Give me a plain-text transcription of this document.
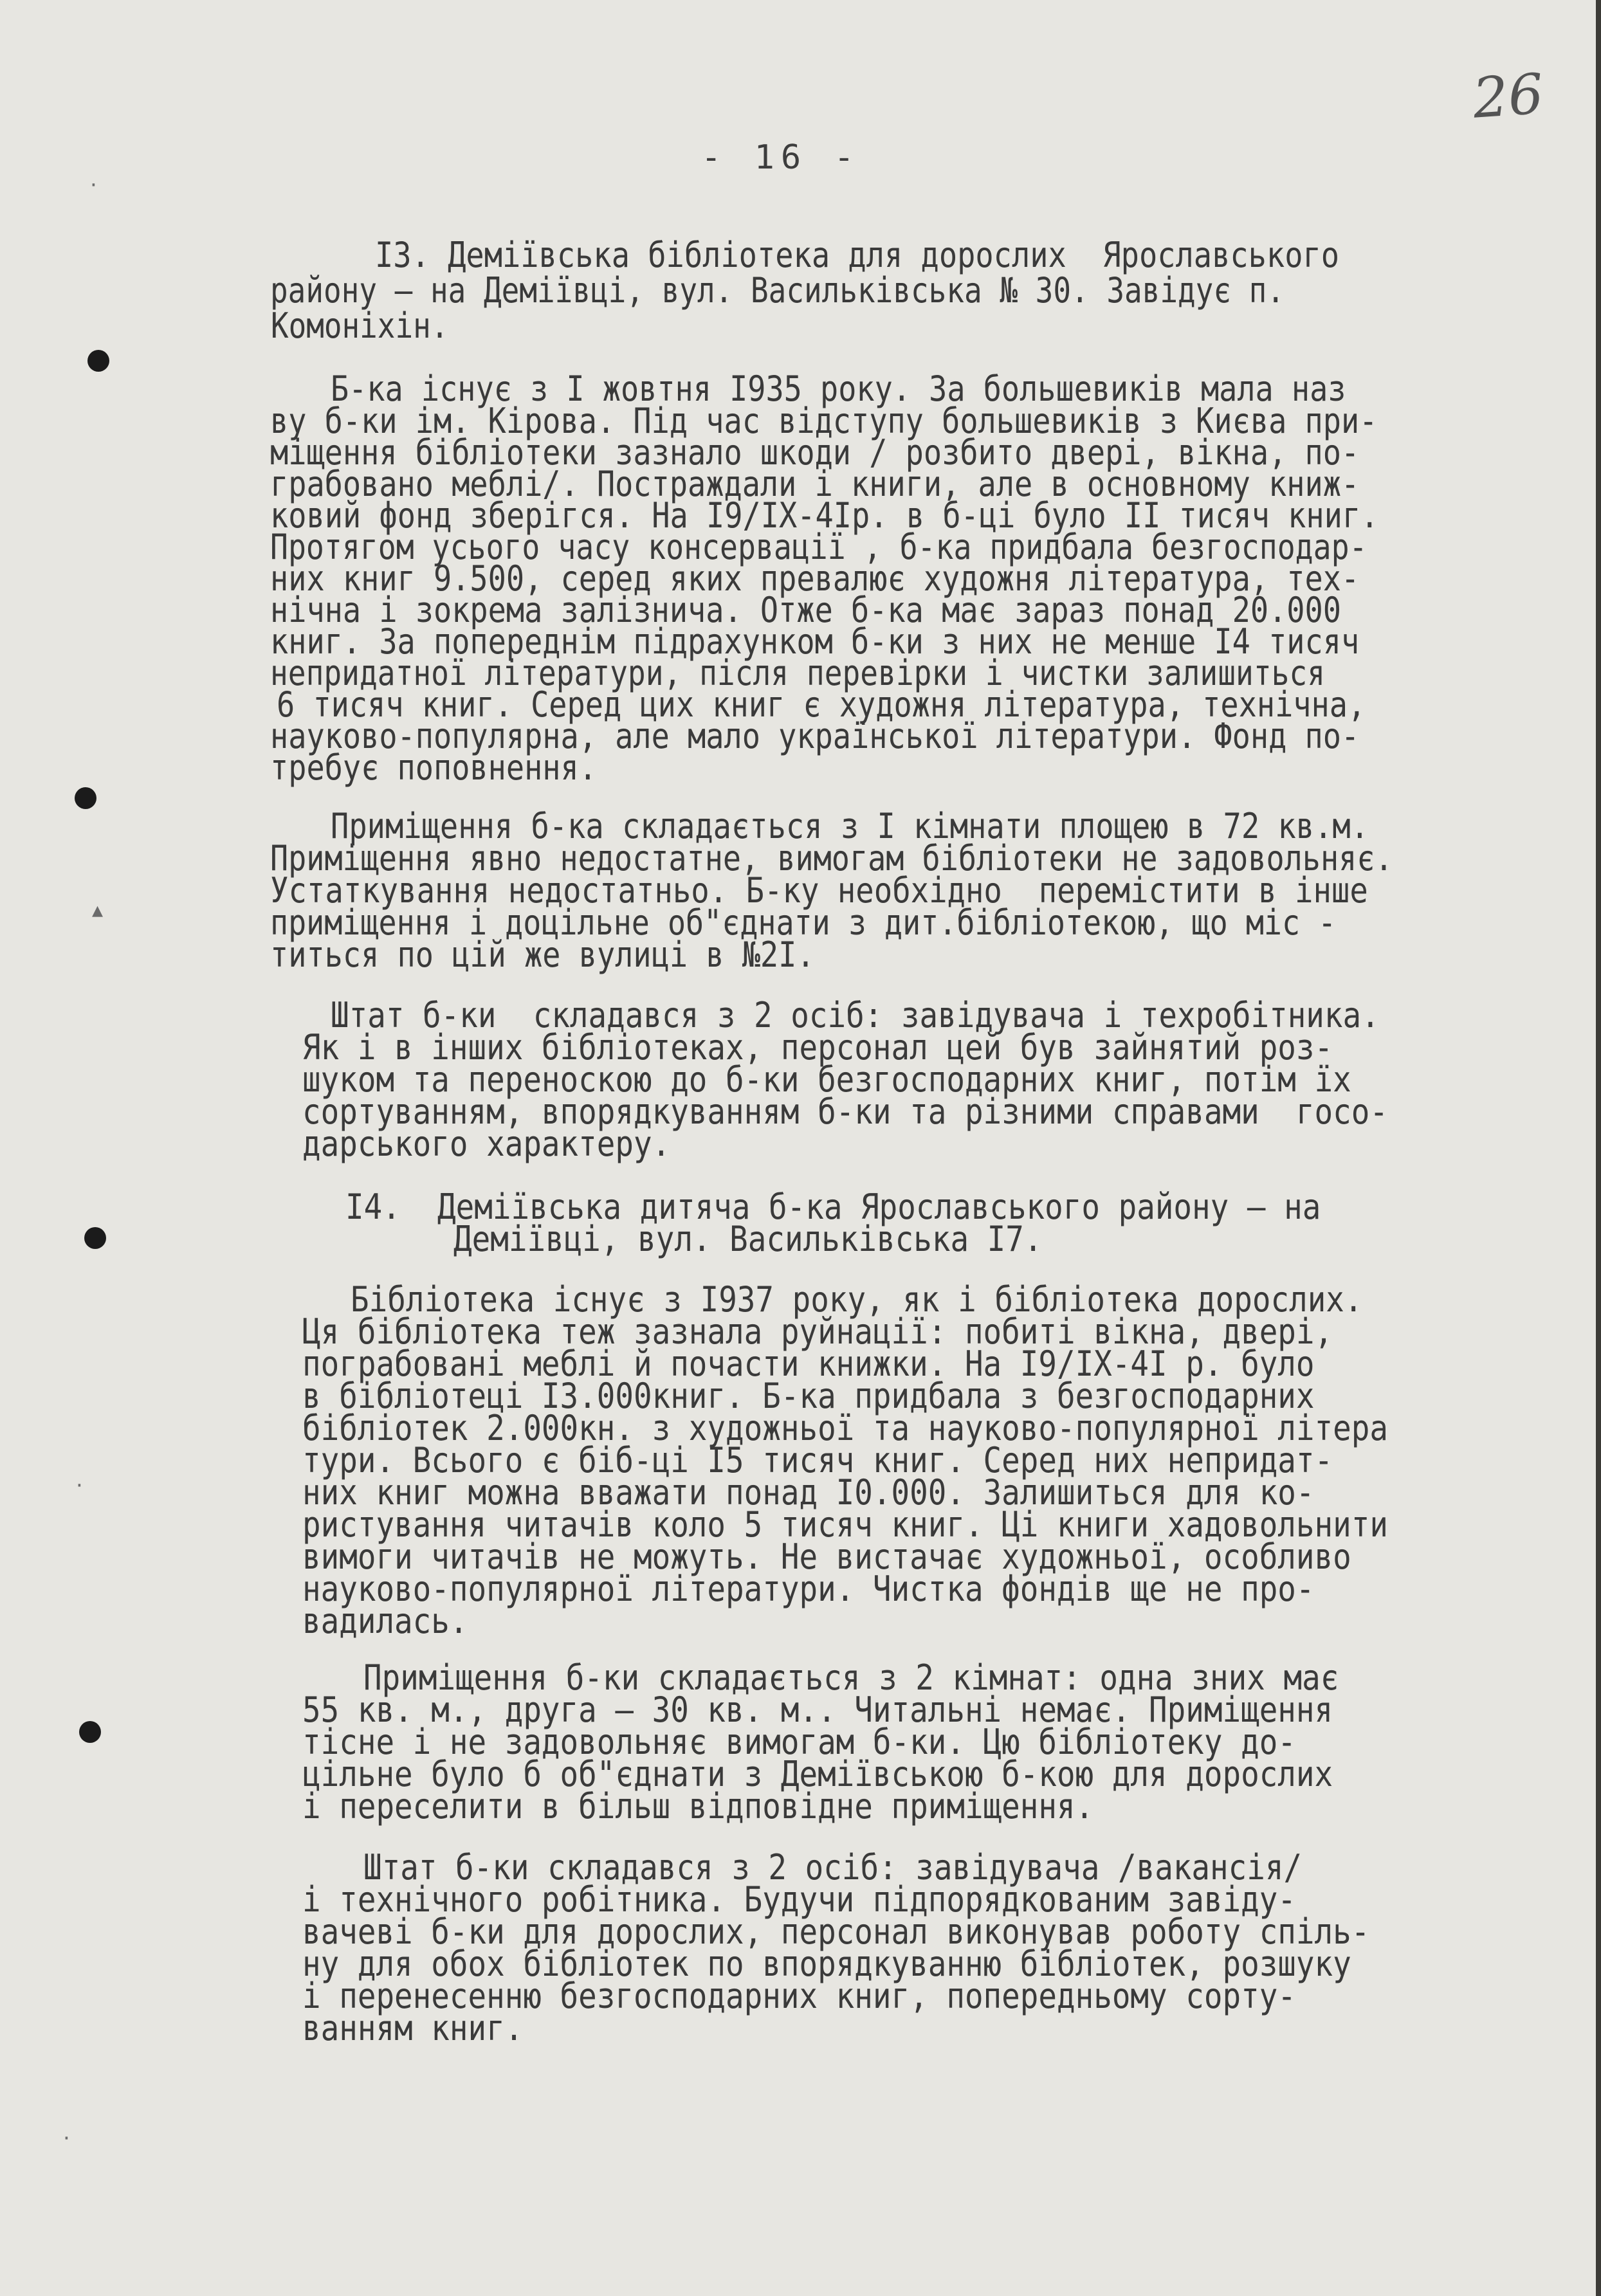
·
▴
·
·
26
- 16 -
I3. Деміївська бібліотека для дорослих  Ярославського
району – на Деміївці, вул. Васильківська № 30. Завідує п.
Комоніхін.
Б-ка існує з I жовтня I935 року. За большевиків мала наз
ву б-ки ім. Кірова. Під час відступу большевиків з Києва при-
міщення бібліотеки зазнало шкоди / розбито двері, вікна, по-
грабовано меблі/. Постраждали і книги, але в основному книж-
ковий фонд зберігся. На I9/IX-4Iр. в б-ці було II тисяч книг.
Протягом усього часу консервації , б-ка придбала безгосподар-
них книг 9.500, серед яких превалює художня література, тех-
нічна і зокрема залізнича. Отже б-ка має зараз понад 20.000
книг. За попереднім підрахунком б-ки з них не менше I4 тисяч
непридатної літератури, після перевірки і чистки залишиться
6 тисяч книг. Серед цих книг є художня література, технічна,
науково-популярна, але мало української літератури. Фонд по-
требує поповнення.
Приміщення б-ка складається з I кімнати площею в 72 кв.м.
Приміщення явно недостатне, вимогам бібліотеки не задовольняє.
Устаткування недостатньо. Б-ку необхідно  перемістити в інше
приміщення і доцільне об"єднати з дит.бібліотекою, що міс -
титься по цій же вулиці в №2I.
Штат б-ки  складався з 2 осіб: завідувача і техробітника.
Як і в інших бібліотеках, персонал цей був зайнятий роз-
шуком та переноскою до б-ки безгосподарних книг, потім їх
сортуванням, впорядкуванням б-ки та різними справами  госо-
дарського характеру.
I4.  Деміївська дитяча б-ка Ярославського району – на
Деміївці, вул. Васильківська I7.
Бібліотека існує з I937 року, як і бібліотека дорослих.
Ця бібліотека теж зазнала руйнації: побиті вікна, двері,
пограбовані меблі й почасти книжки. На I9/IX-4I р. було
в бібліотеці I3.000книг. Б-ка придбала з безгосподарних
бібліотек 2.000кн. з художньої та науково-популярної літера
тури. Всього є біб-ці I5 тисяч книг. Серед них непридат-
них книг можна вважати понад I0.000. Залишиться для ко-
ристування читачів коло 5 тисяч книг. Ці книги хадовольнити
вимоги читачів не можуть. Не вистачає художньої, особливо
науково-популярної літератури. Чистка фондів ще не про-
вадилась.
Приміщення б-ки складається з 2 кімнат: одна зних має
55 кв. м., друга – 30 кв. м.. Читальні немає. Приміщення
тісне і не задовольняє вимогам б-ки. Цю бібліотеку до-
цільне було б об"єднати з Деміївською б-кою для дорослих
і переселити в більш відповідне приміщення.
Штат б-ки складався з 2 осіб: завідувача /вакансія/
і технічного робітника. Будучи підпорядкованим завіду-
вачеві б-ки для дорослих, персонал виконував роботу спіль-
ну для обох бібліотек по впорядкуванню бібліотек, розшуку
і перенесенню безгосподарних книг, попередньому сорту-
ванням книг.
